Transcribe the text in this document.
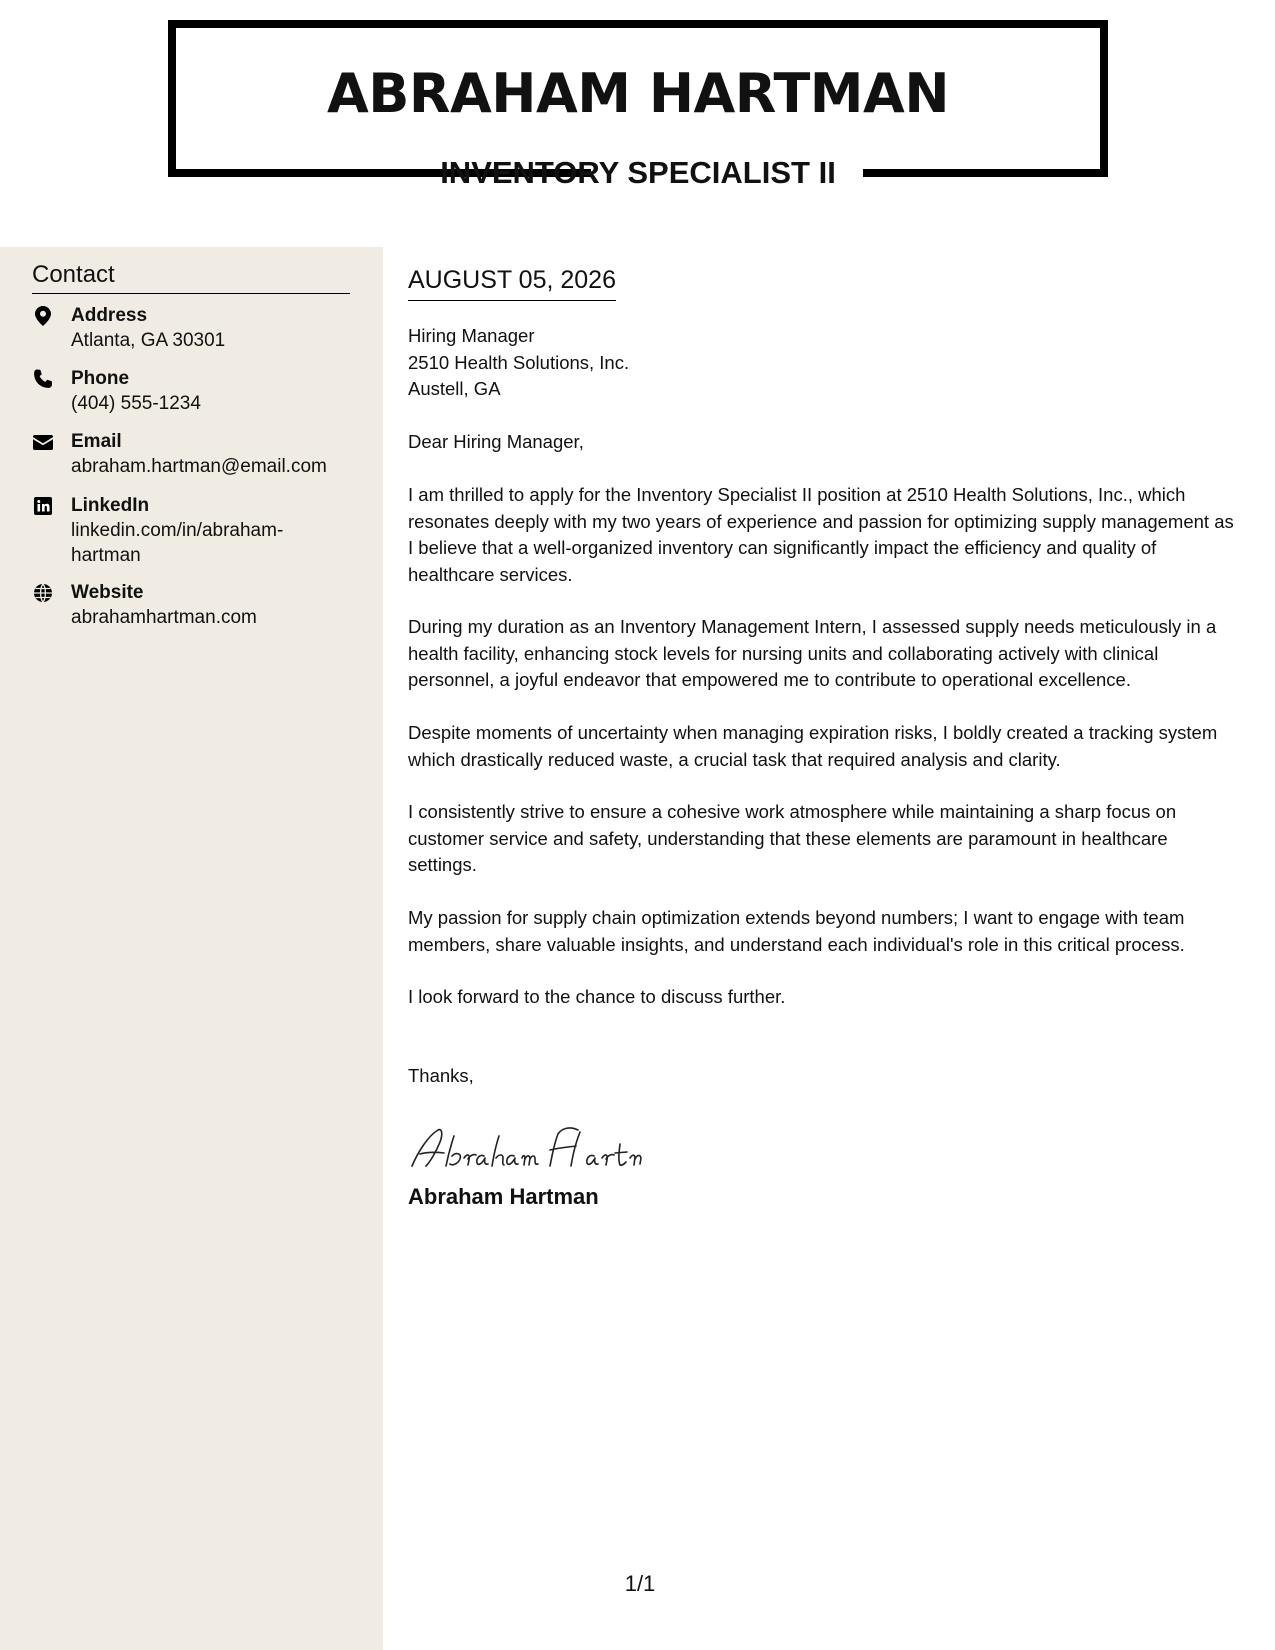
ABRAHAM HARTMAN
INVENTORY SPECIALIST II
Contact
Address
Atlanta, GA 30301
Phone
(404) 555-1234
Email
abraham.hartman@email.com
LinkedIn
linkedin.com/in/abraham-hartman
Website
abrahamhartman.com
AUGUST 05, 2026
Hiring Manager
2510 Health Solutions, Inc.
Austell, GA
Dear Hiring Manager,
I am thrilled to apply for the Inventory Specialist II position at 2510 Health Solutions, Inc., which resonates deeply with my two years of experience and passion for optimizing supply management as I believe that a well-organized inventory can significantly impact the efficiency and quality of healthcare services.
During my duration as an Inventory Management Intern, I assessed supply needs meticulously in a health facility, enhancing stock levels for nursing units and collaborating actively with clinical personnel, a joyful endeavor that empowered me to contribute to operational excellence.
Despite moments of uncertainty when managing expiration risks, I boldly created a tracking system which drastically reduced waste, a crucial task that required analysis and clarity.
I consistently strive to ensure a cohesive work atmosphere while maintaining a sharp focus on customer service and safety, understanding that these elements are paramount in healthcare settings.
My passion for supply chain optimization extends beyond numbers; I want to engage with team members, share valuable insights, and understand each individual's role in this critical process.
I look forward to the chance to discuss further.
Thanks,
Abraham Hartman
1/1
